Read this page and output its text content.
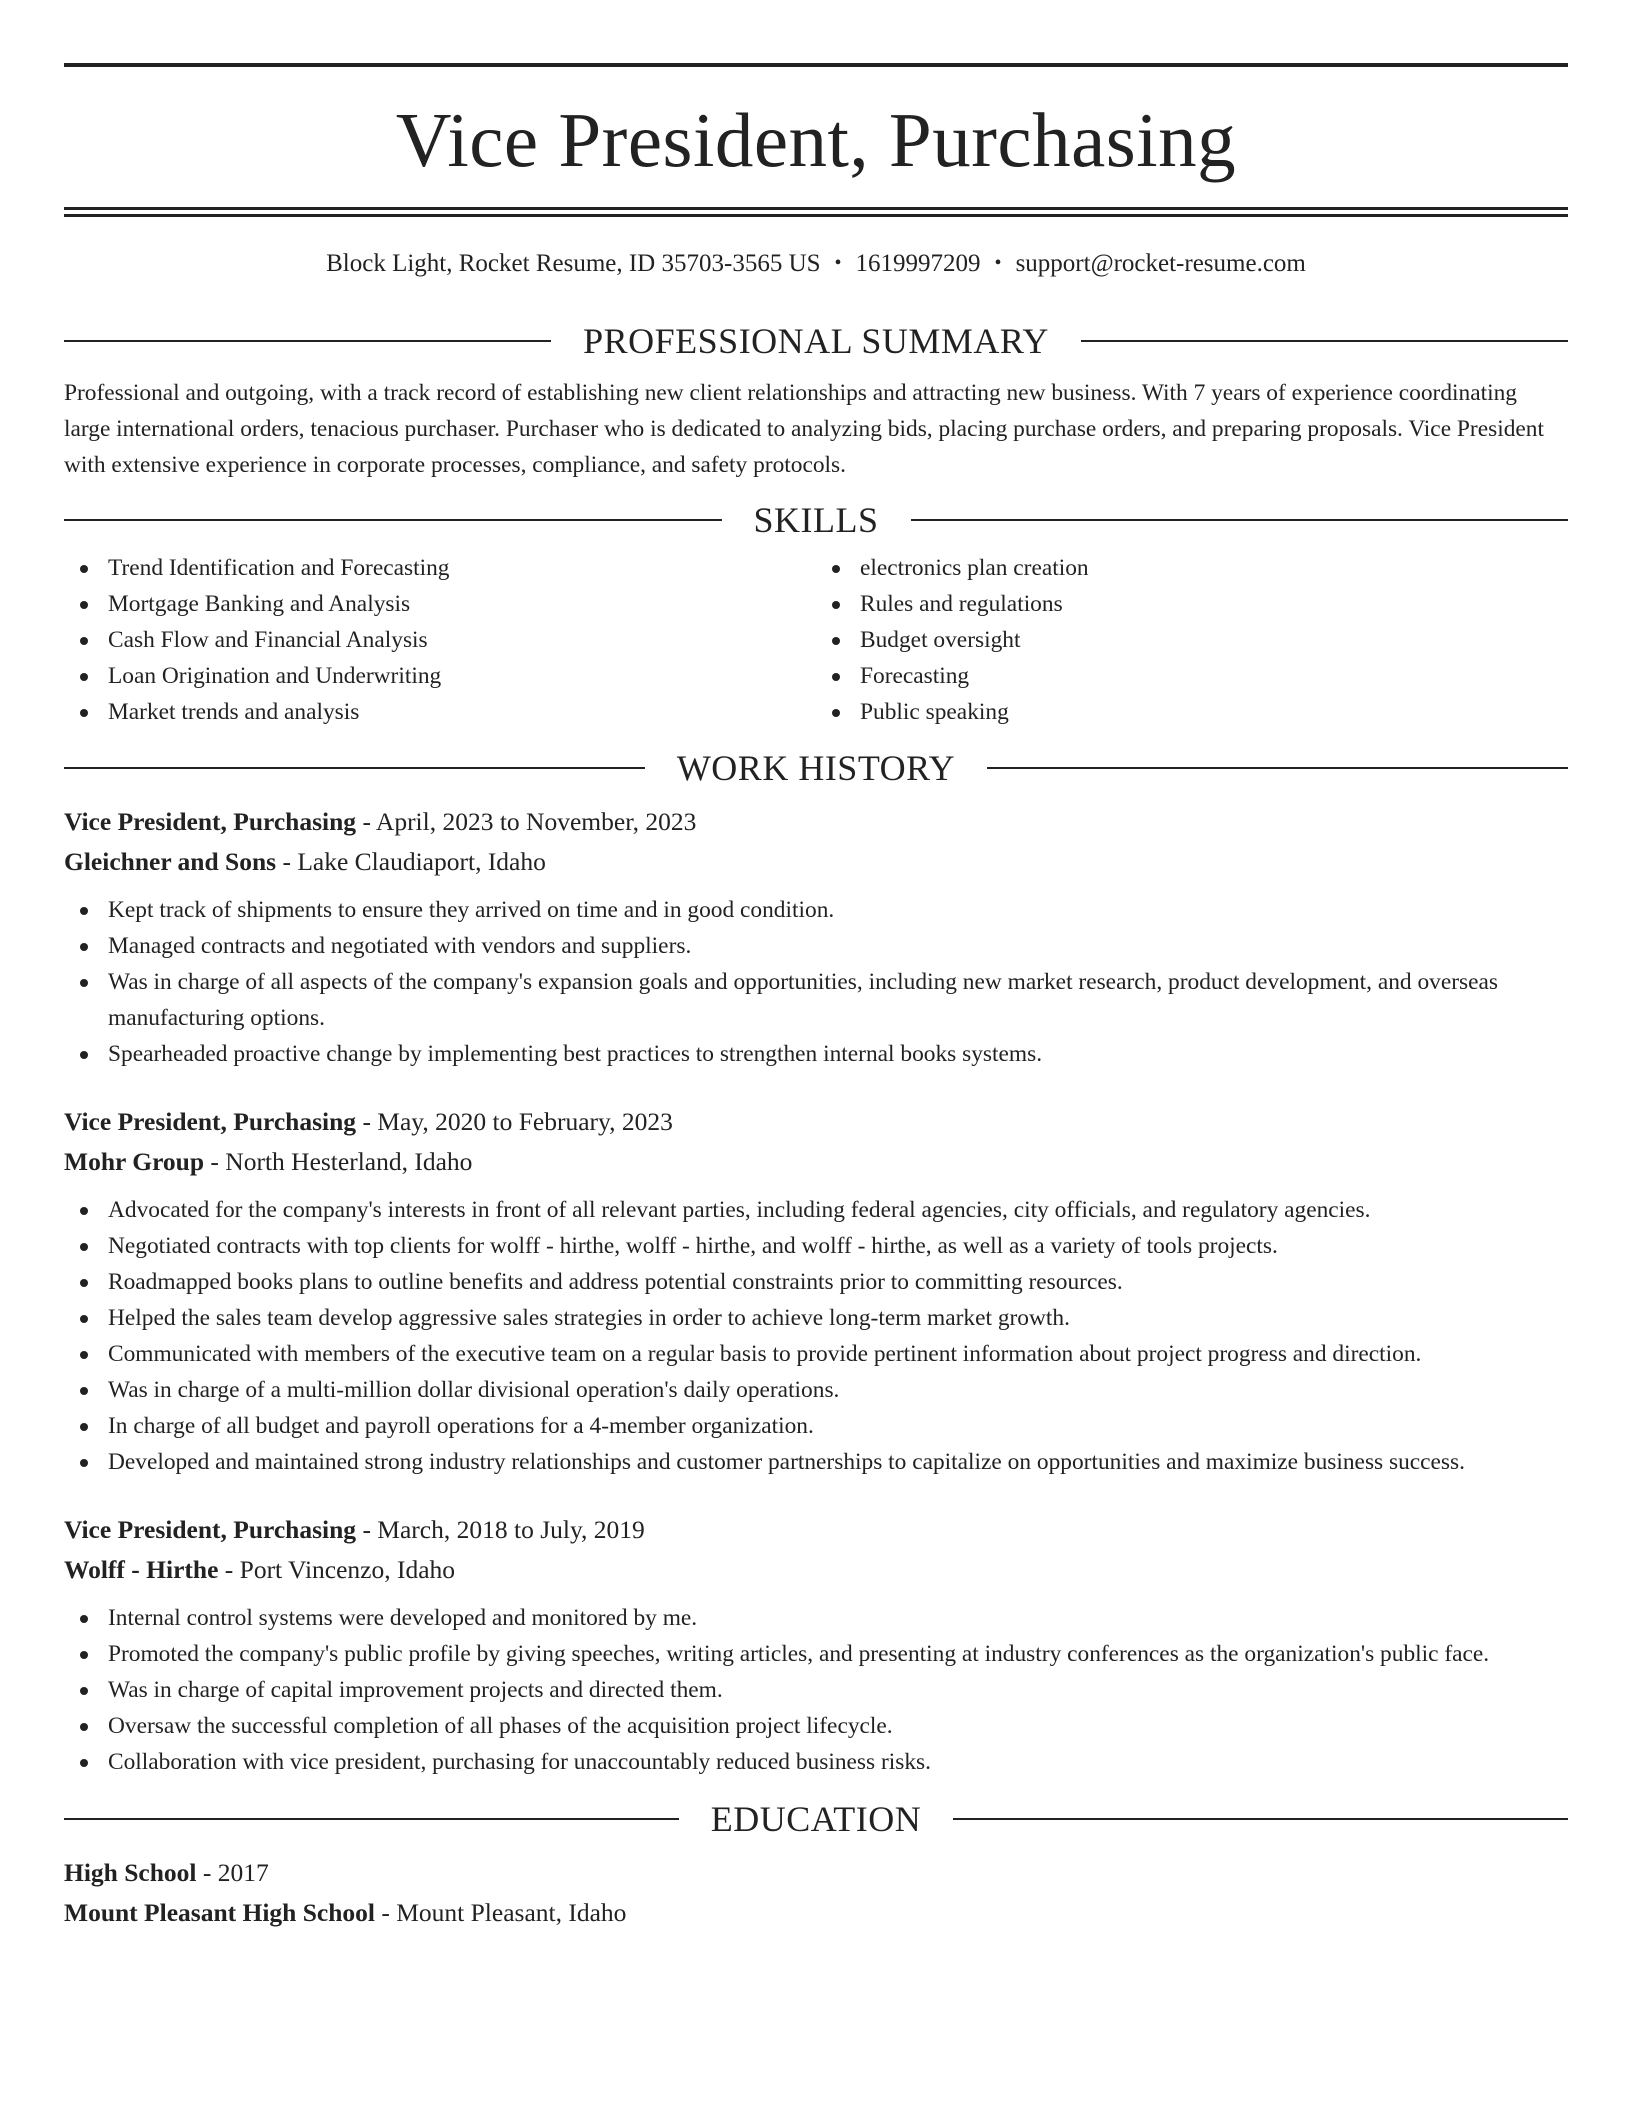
Vice President, Purchasing
Block Light, Rocket Resume, ID 35703-3565 US • 1619997209 • support@rocket-resume.com
PROFESSIONAL SUMMARY

Professional and outgoing, with a track record of establishing new client relationships and attracting new business. With 7 years of experience coordinating large international orders, tenacious purchaser. Purchaser who is dedicated to analyzing bids, placing purchase orders, and preparing proposals. Vice President with extensive experience in corporate processes, compliance, and safety protocols.

SKILLS
Trend Identification and Forecasting
Mortgage Banking and Analysis
Cash Flow and Financial Analysis
Loan Origination and Underwriting
Market trends and analysis
electronics plan creation
Rules and regulations
Budget oversight
Forecasting
Public speaking
WORK HISTORY
Vice President, Purchasing - April, 2023 to November, 2023
Gleichner and Sons - Lake Claudiaport, Idaho
Kept track of shipments to ensure they arrived on time and in good condition.
Managed contracts and negotiated with vendors and suppliers.
Was in charge of all aspects of the company's expansion goals and opportunities, including new market research, product development, and overseas manufacturing options.
Spearheaded proactive change by implementing best practices to strengthen internal books systems.
Vice President, Purchasing - May, 2020 to February, 2023
Mohr Group - North Hesterland, Idaho
Advocated for the company's interests in front of all relevant parties, including federal agencies, city officials, and regulatory agencies.
Negotiated contracts with top clients for wolff - hirthe, wolff - hirthe, and wolff - hirthe, as well as a variety of tools projects.
Roadmapped books plans to outline benefits and address potential constraints prior to committing resources.
Helped the sales team develop aggressive sales strategies in order to achieve long-term market growth.
Communicated with members of the executive team on a regular basis to provide pertinent information about project progress and direction.
Was in charge of a multi-million dollar divisional operation's daily operations.
In charge of all budget and payroll operations for a 4-member organization.
Developed and maintained strong industry relationships and customer partnerships to capitalize on opportunities and maximize business success.
Vice President, Purchasing - March, 2018 to July, 2019
Wolff - Hirthe - Port Vincenzo, Idaho
Internal control systems were developed and monitored by me.
Promoted the company's public profile by giving speeches, writing articles, and presenting at industry conferences as the organization's public face.
Was in charge of capital improvement projects and directed them.
Oversaw the successful completion of all phases of the acquisition project lifecycle.
Collaboration with vice president, purchasing for unaccountably reduced business risks.
EDUCATION
High School - 2017
Mount Pleasant High School - Mount Pleasant, Idaho
